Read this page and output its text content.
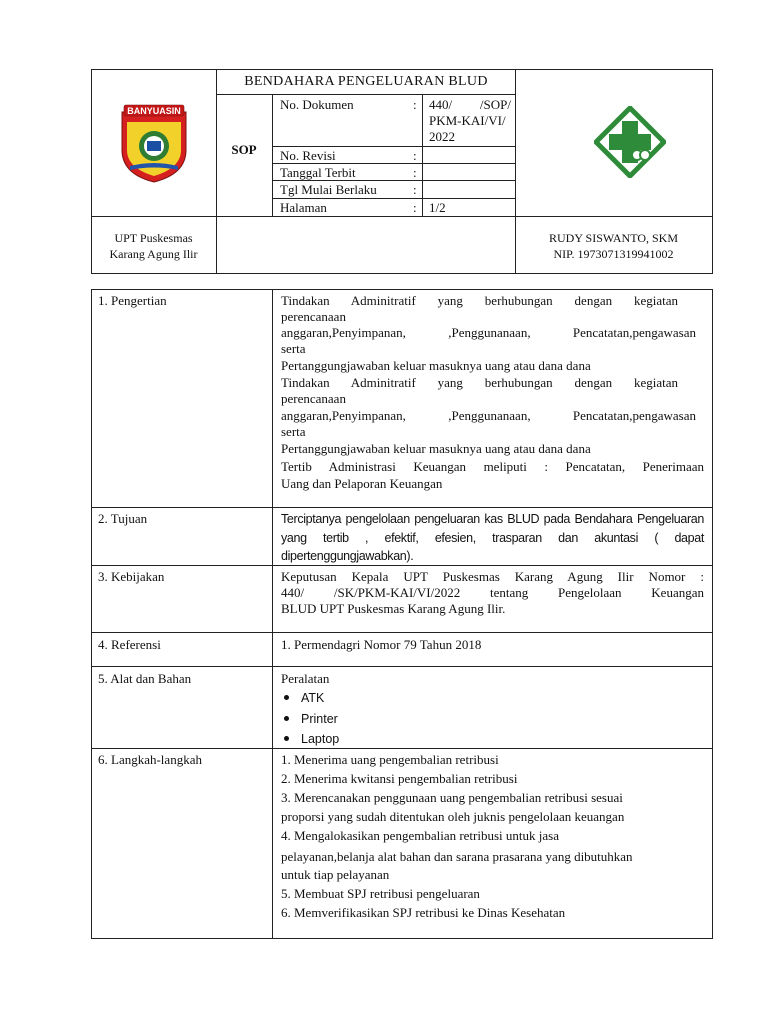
BANYUASIN
BENDAHARA PENGELUARAN BLUD
SOP
No. Dokumen	: 440/ /SOP/
PKM-KAI/VI/
2022
No. Revisi	:
Tanggal Terbit	:
Tgl Mulai Berlaku	:
Halaman	: 1/2
UPT Puskesmas
Karang Agung Ilir
RUDY SISWANTO, SKM
NIP. 1973071319941002
1. Pengertian	Tindakan Adminitratif yang berhubungan dengan kegiatan
perencanaan
anggaran,Penyimpanan, ,Penggunanaan, Pencatatan,pengawasan
serta
Pertanggungjawaban keluar masuknya uang atau dana dana
Tindakan Adminitratif yang berhubungan dengan kegiatan
perencanaan
anggaran,Penyimpanan, ,Penggunanaan, Pencatatan,pengawasan
serta
Pertanggungjawaban keluar masuknya uang atau dana dana
Tertib Administrasi Keuangan meliputi : Pencatatan, Penerimaan
Uang dan Pelaporan Keuangan
2. Tujuan	Terciptanya pengelolaan pengeluaran kas BLUD pada Bendahara Pengeluaran
yang tertib , efektif, efesien, trasparan dan akuntasi ( dapat
dipertenggungjawabkan).
3. Kebijakan	Keputusan Kepala UPT Puskesmas Karang Agung Ilir Nomor :
440/ /SK/PKM-KAI/VI/2022 tentang Pengelolaan Keuangan
BLUD UPT Puskesmas Karang Agung Ilir.
4. Referensi	1. Permendagri Nomor 79 Tahun 2018
5. Alat dan Bahan	Peralatan
ATK
Printer
Laptop
6. Langkah-langkah	1. Menerima uang pengembalian retribusi
2. Menerima kwitansi pengembalian retribusi
3. Merencanakan penggunaan uang pengembalian retribusi sesuai
proporsi yang sudah ditentukan oleh juknis pengelolaan keuangan
4. Mengalokasikan pengembalian retribusi untuk jasa
pelayanan,belanja alat bahan dan sarana prasarana yang dibutuhkan
untuk tiap pelayanan
5. Membuat SPJ retribusi pengeluaran
6. Memverifikasikan SPJ retribusi ke Dinas Kesehatan
